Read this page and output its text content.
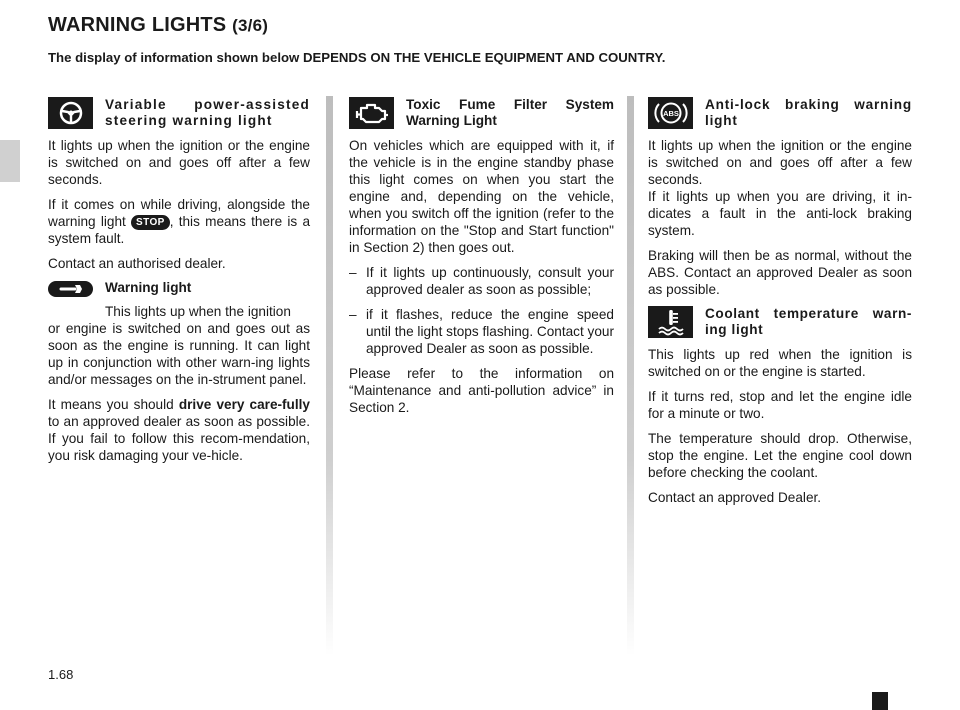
WARNING LIGHTS (3/6)

The display of information shown below DEPENDS ON THE VEHICLE EQUIPMENT AND COUNTRY.

Variable power-assisted steering warning light

It lights up when the ignition or the engine is switched on and goes off after a few seconds.

If it comes on while driving, alongside the warning light STOP , this means there is a system fault.

Contact an authorised dealer.

Warning light

This lights up when the ignition
or engine is switched on and goes out as soon as the engine is running. It can light up in conjunction with other warn-ing lights and/or messages on the in-strument panel.

It means you should drive very care-fully to an approved dealer as soon as possible. If you fail to follow this recom-mendation, you risk damaging your ve-hicle.

Toxic Fume Filter System Warning Light

On vehicles which are equipped with it, if the vehicle is in the engine standby phase this light comes on when you start the engine and, depending on the vehicle, when you switch off the ignition (refer to the information on the "Stop and Start function" in Section 2) then goes out.

– If it lights up continuously, consult your approved dealer as soon as possible;
– if it flashes, reduce the engine speed until the light stops flashing. Contact your approved Dealer as soon as possible.

Please refer to the information on “Maintenance and anti-pollution advice” in Section 2.

ABS
Anti-lock braking warning light

It lights up when the ignition or the engine is switched on and goes off after a few seconds.
If it lights up when you are driving, it in-dicates a fault in the anti-lock braking system.

Braking will then be as normal, without the ABS. Contact an approved Dealer as soon as possible.

Coolant temperature warn-ing light

This lights up red when the ignition is switched on or the engine is started.

If it turns red, stop and let the engine idle for a minute or two.

The temperature should drop. Otherwise, stop the engine. Let the engine cool down before checking the coolant.

Contact an approved Dealer.

1.68
